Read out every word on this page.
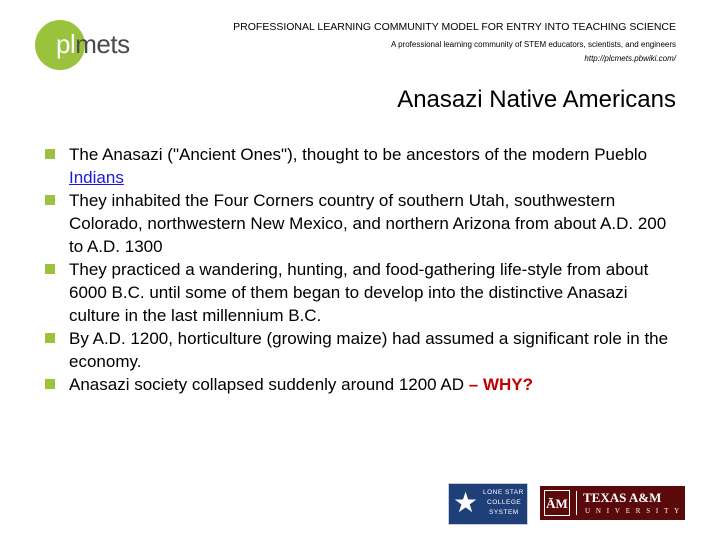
plmets
PROFESSIONAL LEARNING COMMUNITY MODEL FOR ENTRY INTO TEACHING SCIENCE
A professional learning community of STEM educators, scientists, and engineers
http://plcmets.pbwiki.com/
Anasazi Native Americans
The Anasazi ("Ancient Ones"), thought to be ancestors of the modern Pueblo Indians
They inhabited the Four Corners country of southern Utah, southwestern Colorado, northwestern New Mexico, and northern Arizona from about A.D. 200 to A.D. 1300
They practiced a wandering, hunting, and food-gathering life-style from about 6000 B.C. until some of them began to develop into the distinctive Anasazi culture in the last millennium B.C.
By A.D. 1200, horticulture (growing maize) had assumed a significant role in the economy.
Anasazi society collapsed suddenly around 1200 AD – WHY?
★ LONE STAR
COLLEGE
SYSTEM
ĀM TEXAS A&M
UNIVERSITY
